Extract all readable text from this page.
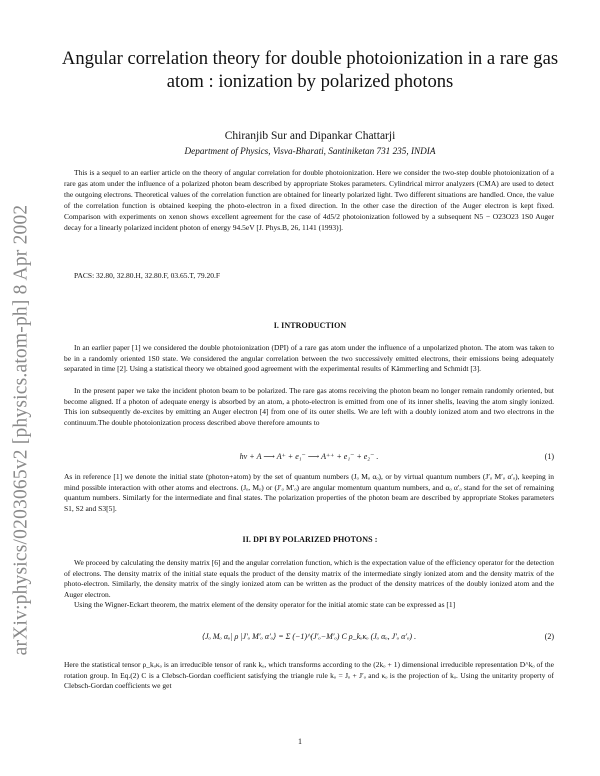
arXiv:physics/0203065v2 [physics.atom-ph] 8 Apr 2002
Angular correlation theory for double photoionization in a rare gas atom : ionization by polarized photons
Chiranjib Sur and Dipankar Chattarji
Department of Physics, Visva-Bharati, Santiniketan 731 235, INDIA

This is a sequel to an earlier article on the theory of angular correlation for double photoionization. Here we consider the two-step double photoionization of a rare gas atom under the influence of a polarized photon beam described by appropriate Stokes parameters. Cylindrical mirror analyzers (CMA) are used to detect the outgoing electrons. Theoretical values of the correlation function are obtained for linearly polarized light. Two different situations are handled. Once, the value of the correlation function is obtained keeping the photo-electron in a fixed direction. In the other case the direction of the Auger electron is kept fixed. Comparison with experiments on xenon shows excellent agreement for the case of 4d5/2 photoionization followed by a subsequent N5 − O23O23 1S0 Auger decay for a linearly polarized incident photon of energy 94.5eV [J. Phys.B, 26, 1141 (1993)].

PACS: 32.80, 32.80.H, 32.80.F, 03.65.T, 79.20.F
I. INTRODUCTION

In an earlier paper [1] we considered the double photoionization (DPI) of a rare gas atom under the influence of a unpolarized photon. The atom was taken to be in a randomly oriented 1S0 state. We considered the angular correlation between the two successively emitted electrons, their emissions being adequately separated in time [2]. Using a statistical theory we obtained good agreement with the experimental results of Kämmerling and Schmidt [3].

In the present paper we take the incident photon beam to be polarized. The rare gas atoms receiving the photon beam no longer remain randomly oriented, but become aligned. If a photon of adequate energy is absorbed by an atom, a photo-electron is emitted from one of its inner shells, leaving the atom singly ionized. This ion subsequently de-excites by emitting an Auger electron [4] from one of its outer shells. We are left with a doubly ionized atom and two electrons in the continuum.The double photoionization process described above therefore amounts to

hν + A ⟶ A⁺ + e₁⁻ ⟶ A⁺⁺ + e₁⁻ + e₂⁻ .	(1)

As in reference [1] we denote the initial state (photon+atom) by the set of quantum numbers (Jₒ Mₒ αₒ), or by virtual quantum numbers (J′ₒ M′ₒ α′ₒ), keeping in mind possible interaction with other atoms and electrons. (Jₒ, Mₒ) or (J′ₒ M′ₒ) are angular momentum quantum numbers, and αₒ α′ₒ stand for the set of remaining quantum numbers. Similarly for the intermediate and final states. The polarization properties of the photon beam are described by appropriate Stokes parameters S1, S2 and S3[5].

II. DPI BY POLARIZED PHOTONS :

We proceed by calculating the density matrix [6] and the angular correlation function, which is the expectation value of the efficiency operator for the detection of electrons. The density matrix of the initial state equals the product of the density matrix of the intermediate singly ionized atom and the density matrix of the photo-electron. Similarly, the density matrix of the singly ionized atom can be written as the product of the density matrices of the doubly ionized atom and the Auger electron.

Using the Wigner-Eckart theorem, the matrix element of the density operator for the initial atomic state can be expressed as [1]

⟨Jₒ Mₒ αₒ| ρ |J′ₒ M′ₒ α′ₒ⟩ = Σ (−1)^(J′ₒ−M′ₒ) C ρ_kₒκₒ (Jₒ αₒ, J′ₒ α′ₒ) .	(2)

Here the statistical tensor ρ_kₒκₒ is an irreducible tensor of rank kₒ, which transforms according to the (2kₒ + 1) dimensional irreducible representation D^kₒ of the rotation group. In Eq.(2) C is a Clebsch-Gordan coefficient satisfying the triangle rule kₒ = Jₒ + J′ₒ and κₒ is the projection of kₒ. Using the unitarity property of Clebsch-Gordan coefficients we get

1
